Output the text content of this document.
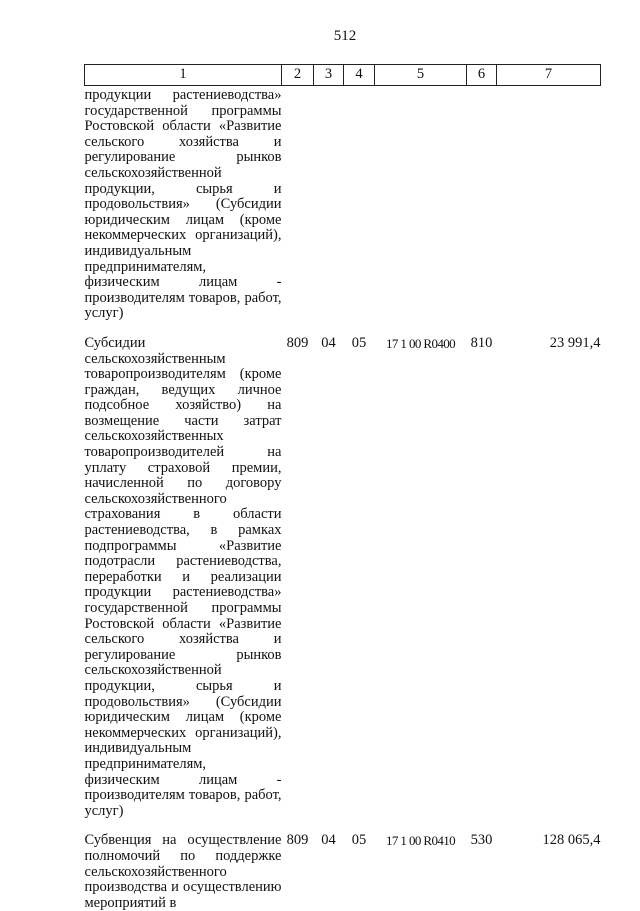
512
1	2	3	4	5	6	7

продукции растениеводства» государственной программы Ростовской области «Развитие сельского хозяйства и регулирование рынков сельскохозяйственной продукции, сырья и продовольствия» (Субсидии юридическим лицам (кроме некоммерческих организаций), индивидуальным предпринимателям, физическим лицам - производителям товаров, работ, услуг)						

Субсидии сельскохозяйственным товаропроизводителям (кроме граждан, ведущих личное подсобное хозяйство) на возмещение части затрат сельскохозяйственных товаропроизводителей на уплату страховой премии, начисленной по договору сельскохозяйственного страхования в области растениеводства, в рамках подпрограммы «Развитие подотрасли растениеводства, переработки и реализации продукции растениеводства» государственной программы Ростовской области «Развитие сельского хозяйства и регулирование рынков сельскохозяйственной продукции, сырья и продовольствия» (Субсидии юридическим лицам (кроме некоммерческих организаций), индивидуальным предпринимателям, физическим лицам - производителям товаров, работ, услуг)	809	04	05	17 1 00 R0400	810	23 991,4

Субвенция на осуществление полномочий по поддержке сельскохозяйственного производства и осуществлению мероприятий в	809	04	05	17 1 00 R0410	530	128 065,4
